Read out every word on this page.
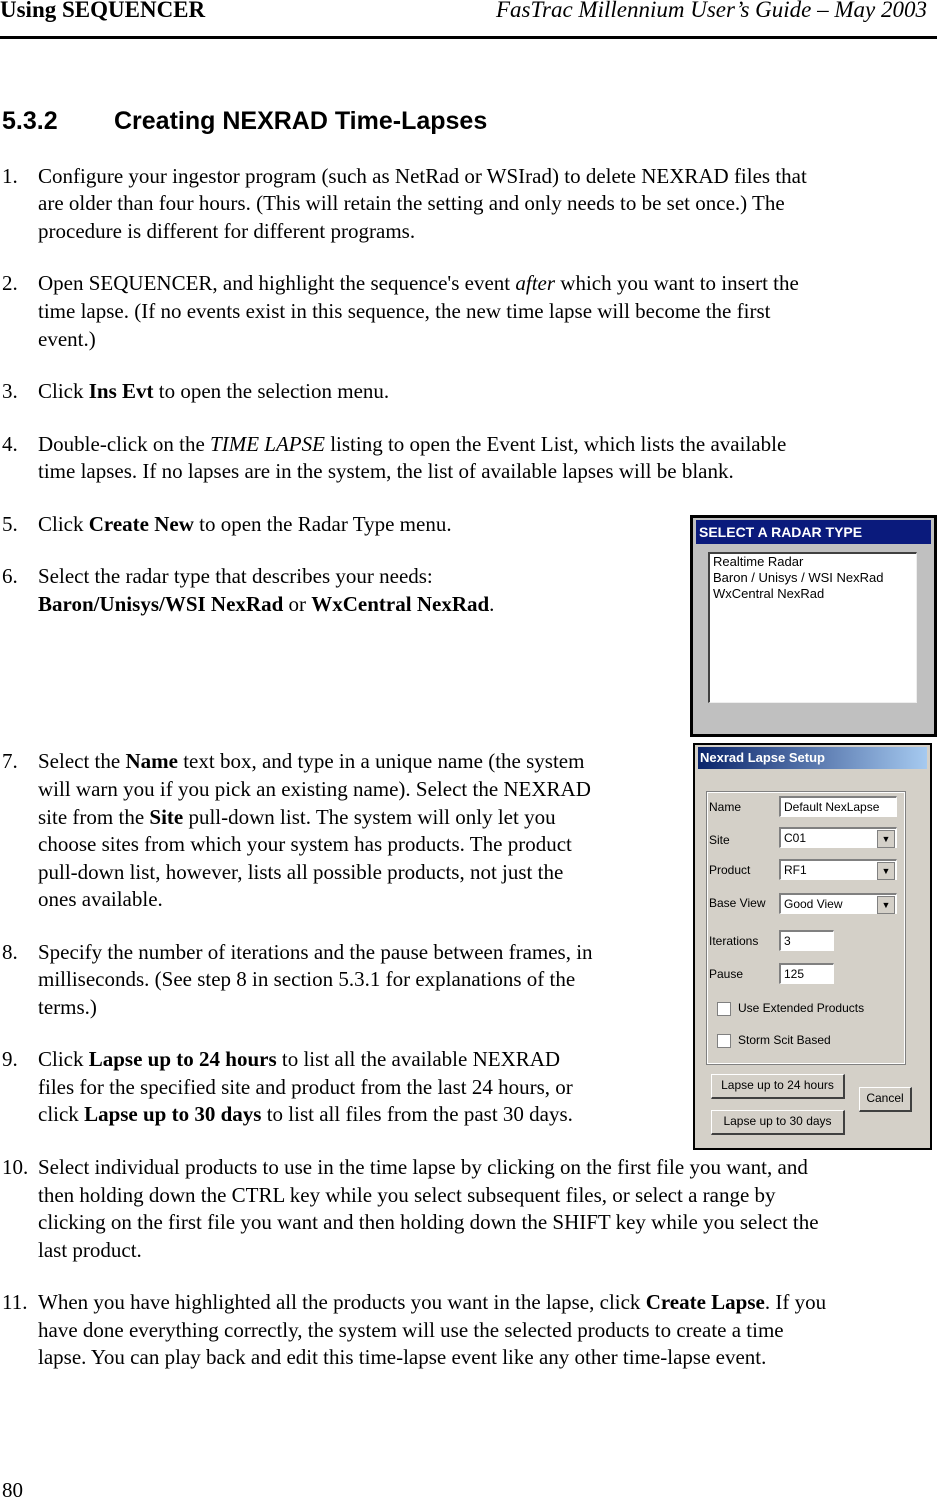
Using SEQUENCER	FasTrac Millennium User’s Guide – May 2003
5.3.2 Creating NEXRAD Time-Lapses
1. Configure your ingestor program (such as NetRad or WSIrad) to delete NEXRAD files that
are older than four hours. (This will retain the setting and only needs to be set once.) The
procedure is different for different programs.
2. Open SEQUENCER, and highlight the sequence's event after which you want to insert the
time lapse. (If no events exist in this sequence, the new time lapse will become the first
event.)
3. Click Ins Evt to open the selection menu.
4. Double-click on the TIME LAPSE listing to open the Event List, which lists the available
time lapses. If no lapses are in the system, the list of available lapses will be blank.
5. Click Create New to open the Radar Type menu.
6. Select the radar type that describes your needs:
Baron/Unisys/WSI NexRad or WxCentral NexRad.
7. Select the Name text box, and type in a unique name (the system
will warn you if you pick an existing name). Select the NEXRAD
site from the Site pull-down list. The system will only let you
choose sites from which your system has products. The product
pull-down list, however, lists all possible products, not just the
ones available.
8. Specify the number of iterations and the pause between frames, in
milliseconds. (See step 8 in section 5.3.1 for explanations of the
terms.)
9. Click Lapse up to 24 hours to list all the available NEXRAD
files for the specified site and product from the last 24 hours, or
click Lapse up to 30 days to list all files from the past 30 days.
10. Select individual products to use in the time lapse by clicking on the first file you want, and
then holding down the CTRL key while you select subsequent files, or select a range by
clicking on the first file you want and then holding down the SHIFT key while you select the
last product.
11. When you have highlighted all the products you want in the lapse, click Create Lapse. If you
have done everything correctly, the system will use the selected products to create a time
lapse. You can play back and edit this time-lapse event like any other time-lapse event.
SELECT A RADAR TYPE
Realtime Radar
Baron / Unisys / WSI NexRad
WxCentral NexRad
Nexrad Lapse Setup
Name	Default NexLapse
Site	C01	▼
Product	RF1	▼
Base View	Good View	▼
Iterations	3
Pause	125
Use Extended Products
Storm Scit Based
Lapse up to 24 hours
Cancel
Lapse up to 30 days
80
